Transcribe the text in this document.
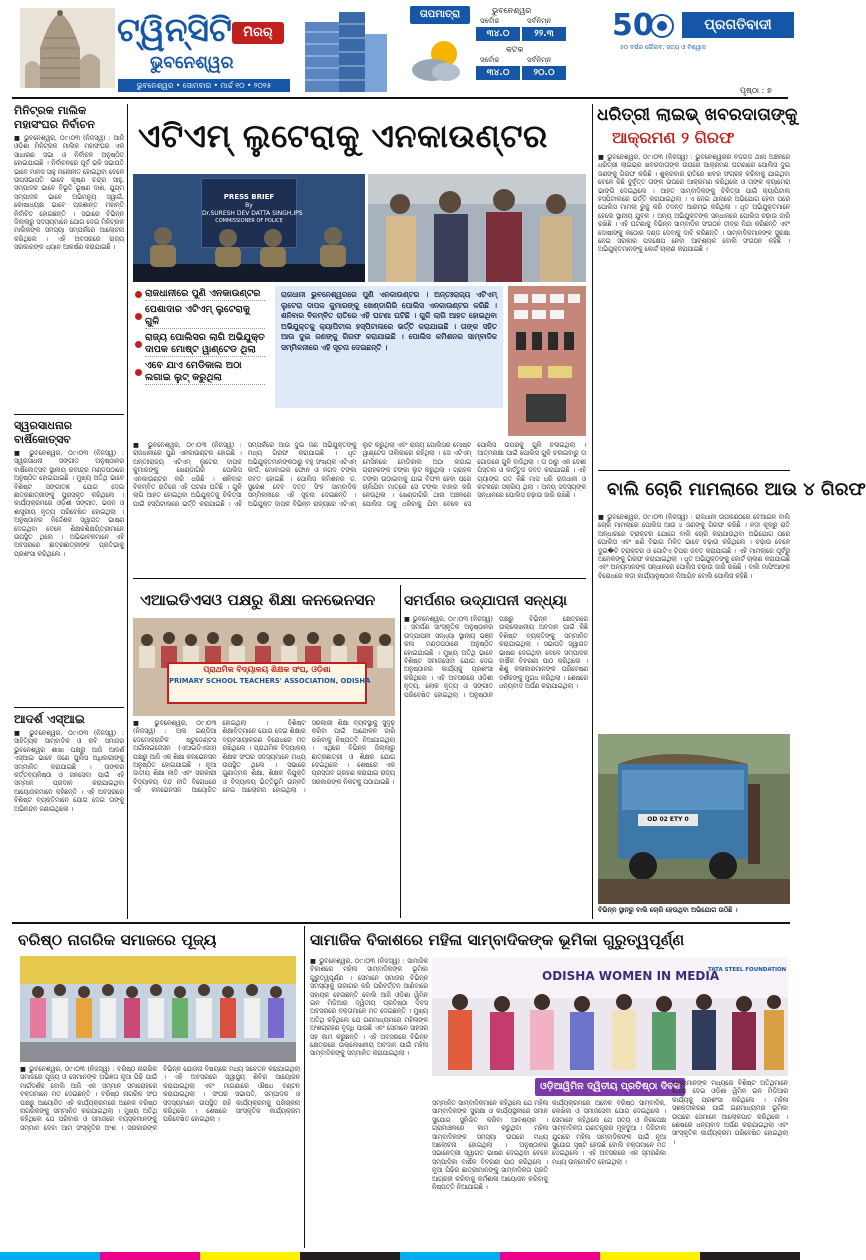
ଟ୍ୱିନ୍‌ସିଟି ମିରର୍‌
ଭୁବନେଶ୍ୱର
ଭୁବନେଶ୍ୱର • ସୋମବାର • ମାର୍ଚ୍ଚ ୧୦ • ୨୦୨୫
ତାପମାତ୍ରା	ଭୁବନେଶ୍ୱର
ସର୍ବୋଚ୍ଚ	ସର୍ବନିମ୍ନ
୩୪.୦	୨୨.୩
କଟକ
ସର୍ବୋଚ୍ଚ	ସର୍ବନିମ୍ନ
୩୪.୦	୨୦.୦
50	ପ୍ରଗତିବାଦୀ
୫୦ ବର୍ଷର ଗୌରବ, ସତ୍ୟ ଓ ବିଶ୍ୱାସ
ପୃଷ୍ଠା : ୭
ମିନିଟ୍ରକ ମାଲିକ ମହାସଂଘର ନିର୍ବାଚନ
■ ଭୁବନେଶ୍ୱର, ୦୯।୦୩ (ନିଜସ୍ୱ) : ଆଜି ଓଡ଼ିଶା ମିନିଟ୍ରକ ମାଲିକ ମହାସଂଘର ଏକ ସାଧାରଣ ସଭା ଓ ନିର୍ବାଚନ ଅନୁଷ୍ଠିତ ହୋଇଯାଇଛି । ନିର୍ବାଚନରେ ପୂର୍ବ ଭଳି ସଭାପତି ଭାବେ ମାନସ ସାହୁ ମନୋନୀତ ହୋଇଥିବା ବେଳେ ଉପସଭାପତି ଭାବେ କୃଷ୍ଣ ଚନ୍ଦ୍ର ସାହୁ, ସମ୍ପାଦକ ଭାବେ ବିଭୂତି ଭୂଷଣ ଦାଶ, ଯୁଗ୍ମ ସମ୍ପାଦକ ଭାବେ ଅଭିମନ୍ୟୁ ସ୍ୱାଇଁ, କୋଷାଧ୍ୟକ୍ଷ ଭାବେ ପ୍ରଶାନ୍ତ ମହାନ୍ତି ନିର୍ବାଚିତ ହୋଇଛନ୍ତି । ସଭାରେ ବିଭିନ୍ନ ଜିଲ୍ଲାରୁ ସଦସ୍ୟମାନେ ଯୋଗ ଦେଇ ମିନିଟ୍ରକ ମାଲିକଙ୍କ ସମସ୍ୟା ସମ୍ପର୍କରେ ଆଲୋଚନା କରିଥିଲେ । ଏହି ଅବସରରେ ରାଜ୍ୟ ସରକାରଙ୍କ ଧ୍ୟାନ ଆକର୍ଷଣ କରାଯାଇଛି ।
ସ୍ୱରସାଧନାର ବାର୍ଷିକୋତ୍ସବ
■ ଭୁବନେଶ୍ୱର, ୦୯।୦୩ (ନିଜସ୍ୱ) : ସ୍ୱରସାଧନା ସଙ୍ଗୀତ ଅନୁଷ୍ଠାନର ବାର୍ଷିକୋତ୍ସବ ସ୍ଥାନୀୟ ରବୀନ୍ଦ୍ର ମଣ୍ଡପଠାରେ ଅନୁଷ୍ଠିତ ହୋଇଯାଇଛି । ମୁଖ୍ୟ ଅତିଥି ଭାବେ ବିଶିଷ୍ଟ ସଙ୍ଗୀତଜ୍ଞ ଯୋଗ ଦେଇ ଛାତ୍ରଛାତ୍ରୀଙ୍କୁ ପୁରସ୍କୃତ କରିଥିଲେ । କାର୍ଯ୍ୟକ୍ରମରେ ଓଡ଼ିଶୀ ସଙ୍ଗୀତ, ଭଜନ ଓ ଶାସ୍ତ୍ରୀୟ ନୃତ୍ୟ ପରିବେଷିତ ହୋଇଥିଲା । ଅନୁଷ୍ଠାନର ନିର୍ଦ୍ଦେଶକ ସ୍ୱାଗତ ଭାଷଣ ଦେଇଥିବା ବେଳେ ଶିକ୍ଷକଶିକ୍ଷୟିତ୍ରୀମାନେ ଉପସ୍ଥିତ ଥିଲେ । ଅଭିଭାବକମାନେ ଏହି ଅବସରରେ ଛାତ୍ରଛାତ୍ରୀଙ୍କ ପ୍ରତିଭାକୁ ପ୍ରଶଂସା କରିଥିଲେ ।
ଆଦର୍ଶ ଏସ୍‌ଆଇ
■ ଭୁବନେଶ୍ୱର, ୦୯।୦୩ (ନିଜସ୍ୱ) : ସାହିତ୍ୟିକ ସାମ୍ବାଦିକ ଓ କବି ସମାଜର ଭୁବନେଶ୍ୱର ଶାଖା ପକ୍ଷରୁ ଆଜି ଆଦର୍ଶ ଏସ୍‌ଆଇ ଭାବେ ଜଣେ ପୁଲିସ ଅଧିକାରୀଙ୍କୁ ସମ୍ମାନିତ କରାଯାଇଛି । ତାଙ୍କର କର୍ତ୍ତବ୍ୟନିଷ୍ଠା ଓ ଜନସେବା ପାଇଁ ଏହି ସମ୍ମାନ ପ୍ରଦାନ କରାଯାଇଥିବା ଆୟୋଜକମାନେ କହିଛନ୍ତି । ଏହି ଅବସରରେ ବିଶିଷ୍ଟ ବ୍ୟକ୍ତିମାନେ ଯୋଗ ଦେଇ ତାଙ୍କୁ ଅଭିନନ୍ଦନ ଜଣାଇଥିଲେ ।
ଏଟିଏମ୍‌ ଲୁଟେରାକୁ ଏନକାଉଣ୍ଟର
PRESS BRIEF
By
Dr.SURESH DEV DATTA SINGH,IPS
COMMISSIONER OF POLICE
ରାଜଧାନୀରେ ପୁଣି ଏନକାଉଣ୍ଟର
ପେଶାଦାର ଏଟିଏମ୍‌ ଲୁଟେରାକୁ ଗୁଳି
ରାଜ୍ୟ ପୋଲିସର ଲାଗି ଅଭିଯୁକ୍ତ ଦାପକ ମୋଷ୍ଟ ୱାଣ୍ଟେଡ ଥିଲା
ଏବେ ଯାଏ ମେଡିକାଲ ଅଠା ଲଗାଇ ଲୁଟ୍‌ କରୁଥିଲା
ରାଜଧାନୀ ଭୁବନେଶ୍ୱରରେ ପୁଣି ଏନକାଉଣ୍ଟର । ଅନ୍ତଃରାଜ୍ୟ ଏଟିଏମ୍‌ ଲୁଟେରା ଦାପକ କୁମାରଙ୍କୁ ଖେଣ୍ଡାଗିରି ପୋଲିସ ଏନକାଉଣ୍ଟର କରିଛି । ଶନିବାର ବିଳମ୍ବିତ ରାତିରେ ଏହି ଘଟଣା ଘଟିଛି । ଗୁଳି ଲାଗି ଆହତ ହୋଇଥିବା ଅଭିଯୁକ୍ତକୁ କ୍ୟାପିଟାଲ ହସ୍ପିଟାଲରେ ଭର୍ତ୍ତି କରାଯାଇଛି । ତାଙ୍କ ସହିତ ଆଉ ଦୁଇ ଜଣଙ୍କୁ ଗିରଫ କରାଯାଇଛି । ପୋଲିସ କମିଶନର ସାମ୍ବାଦିକ ସମ୍ମିଳନୀରେ ଏହି ସୂଚନା ଦେଇଛନ୍ତି ।
■ ଭୁବନେଶ୍ୱର, ୦୯।୦୩ (ନିଜସ୍ୱ) : ରାଜଧାନୀରେ ପୁଣି ଏନକାଉଣ୍ଟର ହୋଇଛି । ଅନ୍ତଃରାଜ୍ୟ ଏଟିଏମ୍‌ ଲୁଟେରା ଦାପକ କୁମାରଙ୍କୁ ଖେଣ୍ଡାଗିରି ପୋଲିସ ଏନକାଉଣ୍ଟର କରି ଧରିଛି । ଶନିବାର ବିଳମ୍ବିତ ରାତିରେ ଏହି ଘଟଣା ଘଟିଛି । ଗୁଳି ଲାଗି ଆହତ ହୋଇଥିବା ଅଭିଯୁକ୍ତକୁ ଚିକିତ୍ସା ପାଇଁ ହସ୍ପିଟାଲରେ ଭର୍ତ୍ତି କରାଯାଇଛି । ଏହି ସମ୍ପର୍କରେ ଆଉ ଦୁଇ ଜଣ ଅଭିଯୁକ୍ତଙ୍କୁ ମଧ୍ୟ ଗିରଫ କରାଯାଇଛି । ଧୃତ ଅଭିଯୁକ୍ତମାନଙ୍କଠାରୁ ବହୁ ସଂଖ୍ୟକ ଏଟିଏମ୍‌ କାର୍ଡ, ମୋବାଇଲ ଫୋନ ଓ ନଗଦ ଟଙ୍କା ଜବତ ହୋଇଛି । ପୋଲିସ କମିଶନର ଡ. ସୁରେଶ ଦେବ ଦତ୍ତ ସିଂହ ସାମ୍ବାଦିକ ସମ୍ମିଳନୀରେ ଏହି ସୂଚନା ଦେଇଛନ୍ତି । ଅଭିଯୁକ୍ତ ଦାପକ ବିଭିନ୍ନ ରାଜ୍ୟରେ ଏଟିଏମ୍‌ ଲୁଟ କରୁଥିଲା ଏବଂ ରାଜ୍ୟ ପୋଲିସର ମୋଷ୍ଟ ୱାଣ୍ଟେଡ ତାଲିକାରେ ରହିଥିଲା । ସେ ଏଟିଏମ୍‌ ମେସିନରେ ମେଡିକାଲ ଅଠା ଲଗାଇ ଗ୍ରାହକଙ୍କ ଟଙ୍କା ଲୁଟ କରୁଥିଲା । ଗ୍ରାହକ ଟଙ୍କା ଉଠାଇବାକୁ ଯାଇ ବିଫଳ ହେବା ପରେ ଚାଲିଯିବା ମାତ୍ରେ ସେ ଟଙ୍କା ବାହାର କରି ନେଉଥିଲା । ଖେଣ୍ଡାଗିରି ଥାନା ଅଞ୍ଚଳରେ ପୋଲିସ ତାକୁ ଧରିବାକୁ ଯିବା ବେଳେ ସେ ପୋଲିସ ଉପରକୁ ଗୁଳି ଚଳାଇଥିଲା । ଆତ୍ମରକ୍ଷା ପାଇଁ ପୋଲିସ ଗୁଳି ଚଳାଇବାରୁ ତା ଗୋଡ଼ରେ ଗୁଳି ବାଜିଥିଲା । ତା ଠାରୁ ଏକ ଦେଶୀ ପିସ୍ତଲ ଓ କାର୍ତ୍ତୁଜ ଜବତ କରାଯାଇଛି । ଏହି ଗ୍ୟାଙ୍ଗ ଗତ କିଛି ମାସ ଧରି ରାଜଧାନୀ ଓ କଟକରେ ସକ୍ରିୟ ଥିଲା । ଅନ୍ୟ ସଦସ୍ୟଙ୍କ ସନ୍ଧାନରେ ପୋଲିସ ଚଢ଼ାଉ ଜାରି ରଖିଛି ।
ଧରିତ୍ରୀ ଲାଇଭ୍‌ ଖବରଦାତାଙ୍କୁ
ଆକ୍ରମଣ ୨ ଗିରଫ
■ ଭୁବନେଶ୍ୱର, ୦୯।୦୩ (ନିଜସ୍ୱ) : ଭୁବନେଶ୍ୱରର ବଡ଼ଗଡ଼ ଥାନା ଅଞ୍ଚଳରେ ଧରିତ୍ରୀ ଲାଇଭ୍‌ର ଖବରଦାତାଙ୍କ ଉପରେ ଆକ୍ରମଣ ଘଟଣାରେ ପୋଲିସ ଦୁଇ ଜଣଙ୍କୁ ଗିରଫ କରିଛି । ଶୁକ୍ରବାର ରାତିରେ ଖବର ସଂଗ୍ରହ କରିବାକୁ ଯାଇଥିବା ବେଳେ କିଛି ଦୁର୍ବୃତ୍ତ ତାଙ୍କ ଉପରେ ଆକ୍ରମଣ କରିଥିଲେ ଓ ତାଙ୍କ କ୍ୟାମେରା ଭାଙ୍ଗି ଦେଇଥିଲେ । ଆହତ ସାମ୍ବାଦିକଙ୍କୁ ଚିକିତ୍ସା ପାଇଁ କ୍ୟାପିଟାଲ ହସ୍ପିଟାଲରେ ଭର୍ତ୍ତି କରାଯାଇଥିଲା । ଏ ନେଇ ଥାନାରେ ଅଭିଯୋଗ ହେବା ପରେ ପୋଲିସ ମାମଲା ରୁଜୁ କରି ତଦନ୍ତ ଆରମ୍ଭ କରିଥିଲା । ଧୃତ ଅଭିଯୁକ୍ତମାନେ ହେଲେ ସ୍ଥାନୀୟ ଯୁବକ । ଅନ୍ୟ ଅଭିଯୁକ୍ତଙ୍କ ସନ୍ଧାନରେ ପୋଲିସ ଚଢ଼ାଉ ଜାରି ରଖିଛି । ଏହି ଘଟଣାକୁ ବିଭିନ୍ନ ସାମ୍ବାଦିକ ସଂଗଠନ ତୀବ୍ର ନିନ୍ଦା କରିଛନ୍ତି ଏବଂ ଦୋଷୀଙ୍କୁ କଠୋର ଦଣ୍ଡ ଦେବାକୁ ଦାବି କରିଛନ୍ତି । ସାମ୍ବାଦିକମାନଙ୍କ ସୁରକ୍ଷା ନେଇ ସରକାର ପଦକ୍ଷେପ ନେବା ଆବଶ୍ୟକ ବୋଲି ସଂଗଠନ କହିଛି । ଅଭିଯୁକ୍ତମାନଙ୍କୁ କୋର୍ଟ ଚାଲାଣ କରାଯାଇଛି ।
ବାଲି ଚୋରି ମାମଲାରେ ଆଉ ୪ ଗିରଫ
■ ଭୁବନେଶ୍ୱର, ୦୯।୦୩ (ନିଜସ୍ୱ) : ରାଜଧାନୀ ଉପକଣ୍ଠରେ ବେଆଇନ ବାଲି ଚୋରି ମାମଲାରେ ପୋଲିସ ଆଉ ୪ ଜଣଙ୍କୁ ଗିରଫ କରିଛି । ନଦୀ କୂଳରୁ ରାତି ଅନ୍ଧାରରେ ଟ୍ରାକ୍ଟର ଯୋଗେ ବାଲି ଚୋରି କରାଯାଉଥିବା ଅଭିଯୋଗ ପରେ ପୋଲିସ ଏବଂ ଖଣି ବିଭାଗ ମିଳିତ ଭାବେ ଚଢ଼ାଉ କରିଥିଲେ । ଚଢ଼ାଉ ବେଳେ ଦୁଇ�ଟି ଟ୍ରାକ୍ଟର ଓ ଗୋଟିଏ ଟିପର ଜବତ କରାଯାଇଛି । ଏହି ମାମଲାରେ ପୂର୍ବରୁ ଅନେକଙ୍କୁ ଗିରଫ କରାଯାଇଥିଲା । ଧୃତ ଅଭିଯୁକ୍ତଙ୍କୁ କୋର୍ଟ ଚାଲାଣ କରାଯାଇଛି ଏବଂ ଅନ୍ୟମାନଙ୍କ ସନ୍ଧାନରେ ପୋଲିସ ଚଢ଼ାଉ ଜାରି ରଖିଛି । ବାଲି ମାଫିଆଙ୍କ ବିରୋଧରେ କଡ଼ା କାର୍ଯ୍ୟାନୁଷ୍ଠାନ ନିଆଯିବ ବୋଲି ପୋଲିସ କହିଛି ।
OD 02 ETY 0
ବିଭିନ୍ନ ସ୍ଥାନରୁ ବାଲି ଚୋରି ହେଉଥିବା ଅଭିଯୋଗ ଉଠିଛି ।
ଏଆଇଡିଏସଓ ପକ୍ଷରୁ ଶିକ୍ଷା କନଭେନସନ
ପ୍ରାଥମିକ ବିଦ୍ୟାଳୟ ଶିକ୍ଷକ ସଂଘ, ଓଡ଼ିଶା
PRIMARY SCHOOL TEACHERS' ASSOCIATION, ODISHA
■ ଭୁବନେଶ୍ୱର, ୦୯।୦୩ (ନିଜସ୍ୱ) : ଅଲ ଇଣ୍ଡିଆ ଡେମୋକ୍ରାଟିକ ଷ୍ଟୁଡେଣ୍ଟସ ଅର୍ଗାନାଇଜେସନ (ଏଆଇଡିଏସଓ) ପକ୍ଷରୁ ଆଜି ଏକ ଶିକ୍ଷା କନଭେନସନ ଅନୁଷ୍ଠିତ ହୋଇଯାଇଛି । ନୂଆ ଜାତୀୟ ଶିକ୍ଷା ନୀତି ଏବଂ ସରକାରୀ ବିଦ୍ୟାଳୟ ବନ୍ଦ ନୀତି ବିରୋଧରେ ଏହି କନଭେନସନ ଆୟୋଜିତ ହୋଇଥିଲା । ବିଶିଷ୍ଟ ଶିକ୍ଷାବିତ୍‌ମାନେ ଯୋଗ ଦେଇ ଶିକ୍ଷାର ବ୍ୟବସାୟୀକରଣ ବିରୋଧରେ ମତ ରଖିଥିଲେ । ପ୍ରାଥମିକ ବିଦ୍ୟାଳୟ ଶିକ୍ଷକ ସଂଘର ସଦସ୍ୟମାନେ ମଧ୍ୟ ଉପସ୍ଥିତ ଥିଲେ । ସଭାରେ ଗୁଣାତ୍ମକ ଶିକ୍ଷା, ଶିକ୍ଷକ ନିଯୁକ୍ତି ଓ ବିଦ୍ୟାଳୟ ଭିତ୍ତିଭୂମି ଉନ୍ନତି ନେଇ ଆଲୋଚନା ହୋଇଥିଲା । ସରକାରୀ ଶିକ୍ଷା ବ୍ୟବସ୍ଥାକୁ ସୁଦୃଢ଼ କରିବା ପାଇଁ ଆନ୍ଦୋଳନ ଜାରି ରଖିବାକୁ ନିଷ୍ପତ୍ତି ନିଆଯାଇଥିଲା । ଏଥିରେ ବିଭିନ୍ନ ଜିଲ୍ଲାରୁ ଛାତ୍ରଛାତ୍ରୀ ଓ ଶିକ୍ଷକ ଯୋଗ ଦେଇଥିଲେ । ଶେଷରେ ଏକ ପ୍ରସ୍ତାବ ଗ୍ରହଣ କରାଯାଇ ରାଜ୍ୟ ସରକାରଙ୍କ ନିକଟକୁ ପଠାଯାଇଛି ।
ସମର୍ପଣର ଉଦ୍‌ଯାପନୀ ସନ୍ଧ୍ୟା
■ ଭୁବନେଶ୍ୱର, ୦୯।୦୩ (ନିଜସ୍ୱ) : ସମର୍ପଣ ସାଂସ୍କୃତିକ ଅନୁଷ୍ଠାନର ଉଦ୍‌ଯାପନୀ ସନ୍ଧ୍ୟା ସ୍ଥାନୀୟ ଭଞ୍ଜ କଳା ମଣ୍ଡପଠାରେ ଅନୁଷ୍ଠିତ ହୋଇଯାଇଛି । ମୁଖ୍ୟ ଅତିଥି ଭାବେ ବିଶିଷ୍ଟ ସମାଜସେବୀ ଯୋଗ ଦେଇ ଅନୁଷ୍ଠାନର କାର୍ଯ୍ୟକୁ ପ୍ରଶଂସା କରିଥିଲେ । ଏହି ଅବସରରେ ଓଡ଼ିଶୀ ନୃତ୍ୟ, ଲୋକ ନୃତ୍ୟ ଓ ସଙ୍ଗୀତ ପରିବେଷିତ ହୋଇଥିଲା । ଅନୁଷ୍ଠାନ ପକ୍ଷରୁ ବିଭିନ୍ନ କ୍ଷେତ୍ରରେ ଉଲ୍ଲେଖନୀୟ ଅବଦାନ ପାଇଁ କିଛି ବିଶିଷ୍ଟ ବ୍ୟକ୍ତିଙ୍କୁ ସମ୍ମାନିତ କରାଯାଇଥିଲା । ସଭାପତି ସ୍ୱାଗତ ଭାଷଣ ଦେଇଥିବା ବେଳେ ସମ୍ପାଦକ ବାର୍ଷିକ ବିବରଣୀ ପାଠ କରିଥିଲେ । ଶିଶୁ କଳାକାରମାନଙ୍କ ପରିବେଷଣ ଦର୍ଶକଙ୍କୁ ମୁଗ୍ଧ କରିଥିଲା । ଶେଷରେ ଧନ୍ୟବାଦ ଅର୍ପଣ କରାଯାଇଥିଲା ।
ବରିଷ୍ଠ ନାଗରିକ ସମାଜରେ ପୂଜ୍ୟ
■ ଭୁବନେଶ୍ୱର, ୦୯।୦୩ (ନିଜସ୍ୱ) : ବରିଷ୍ଠ ନାଗରିକ ସମାଜରେ ପୂଜ୍ୟ ଓ ସେମାନଙ୍କ ଅଭିଜ୍ଞତା ନୂଆ ପିଢ଼ି ପାଇଁ ମାର୍ଗଦର୍ଶକ ବୋଲି ଆଜି ଏକ ସମ୍ମାନ ସମାରୋହରେ ବକ୍ତାମାନେ ମତ ଦେଇଛନ୍ତି । ବରିଷ୍ଠ ନାଗରିକ ସଂଘ ପକ୍ଷରୁ ଆୟୋଜିତ ଏହି କାର୍ଯ୍ୟକ୍ରମରେ ଅନେକ ବରିଷ୍ଠ ନାଗରିକଙ୍କୁ ସମ୍ମାନିତ କରାଯାଇଥିଲା । ମୁଖ୍ୟ ଅତିଥି କହିଥିଲେ ଯେ ପରିବାର ଓ ସମାଜରେ ବୟସ୍କମାନଙ୍କୁ ସମ୍ମାନ ଦେବା ଆମ ସଂସ୍କୃତିର ଅଂଶ । ସରକାରଙ୍କ ବିଭିନ୍ନ ଯୋଜନା ବିଷୟରେ ମଧ୍ୟ ସଚେତନ କରାଯାଇଥିଲା । ଏହି ଅବସରରେ ସ୍ୱାସ୍ଥ୍ୟ ଶିବିର ଆୟୋଜନ କରାଯାଇଥିଲା ଏବଂ ମାଗଣାରେ ଔଷଧ ବଣ୍ଟନ କରାଯାଇଥିଲା । ସଂଘର ସଭାପତି, ସମ୍ପାଦକ ଓ ସଦସ୍ୟମାନେ ଉପସ୍ଥିତ ରହି କାର୍ଯ୍ୟକ୍ରମକୁ ପରିଚାଳନା କରିଥିଲେ । ଶେଷରେ ସାଂସ୍କୃତିକ କାର୍ଯ୍ୟକ୍ରମ ପରିବେଷିତ ହୋଇଥିଲା ।
ସାମାଜିକ ବିକାଶରେ ମହିଳା ସାମ୍ବାଦିକଙ୍କ ଭୂମିକା ଗୁରୁତ୍ୱପୂର୍ଣ୍ଣ
■ ଭୁବନେଶ୍ୱର, ୦୯।୦୩ (ନିଜସ୍ୱ) : ସାମାଜିକ ବିକାଶରେ ମହିଳା ସାମ୍ବାଦିକଙ୍କ ଭୂମିକା ଗୁରୁତ୍ୱପୂର୍ଣ୍ଣ । ସେମାନେ ସମାଜର ବିଭିନ୍ନ ସମସ୍ୟାକୁ ଉଜାଗର କରି ପରିବର୍ତ୍ତନ ଆଣିବାରେ ସହାୟକ ହେଉଛନ୍ତି ବୋଲି ଆଜି ଓଡ଼ିଶା ୱିମିନ ଇନ ମିଡିଆର ଦ୍ୱିତୀୟ ପ୍ରତିଷ୍ଠା ଦିବସ ଅବସରରେ ବକ୍ତାମାନେ ମତ ଦେଇଛନ୍ତି । ମୁଖ୍ୟ ଅତିଥି କହିଥିଲେ ଯେ ଗଣମାଧ୍ୟମରେ ମହିଳାଙ୍କ ଅଂଶଗ୍ରହଣ ବୃଦ୍ଧି ପାଉଛି ଏବଂ ସେମାନେ ସାହସର ସହ କାମ କରୁଛନ୍ତି । ଏହି ଅବସରରେ ବିଭିନ୍ନ କ୍ଷେତ୍ରରେ ଉଲ୍ଲେଖନୀୟ ଅବଦାନ ପାଇଁ ମହିଳା ସାମ୍ବାଦିକଙ୍କୁ ସମ୍ମାନିତ କରାଯାଇଥିଲା ।
ODISHA WOMEN IN MEDIA
TATA STEEL FOUNDATION
ଓଡ଼ିଆୱିମିନ ଦ୍ୱିତୀୟ ପ୍ରତିଷ୍ଠା ଦିବସ
ସମ୍ମାନିତ ସାମ୍ବାଦିକମାନେ କହିଥିଲେ ଯେ ମହିଳା ସାମ୍ବାଦିକଙ୍କ ସୁରକ୍ଷା ଓ କାର୍ଯ୍ୟସ୍ଥଳୀରେ ସମାନ ସୁଯୋଗ ସୁନିଶ୍ଚିତ କରିବା ଆବଶ୍ୟକ । ଗ୍ରାମାଞ୍ଚଳରେ କାମ କରୁଥିବା ମହିଳା ସାମ୍ବାଦିକଙ୍କ ସମସ୍ୟା ଉପରେ ମଧ୍ୟ ଆଲୋଚନା ହୋଇଥିଲା । ଅନୁଷ୍ଠାନର ସଭାନେତ୍ରୀ ସ୍ୱାଗତ ଭାଷଣ ଦେଇଥିବା ବେଳେ ସମ୍ପାଦିକା ବାର୍ଷିକ ବିବରଣୀ ପାଠ କରିଥିଲେ । ନୂଆ ପିଢ଼ିର ଛାତ୍ରୀମାନଙ୍କୁ ସାମ୍ବାଦିକତା ପ୍ରତି ଆଗ୍ରହୀ କରିବାକୁ କର୍ମଶାଳା ଆୟୋଜନ କରିବାକୁ ନିଷ୍ପତ୍ତି ନିଆଯାଇଛି ।
କାର୍ଯ୍ୟକ୍ରମରେ ଅନେକ ବରିଷ୍ଠ ସାମ୍ବାଦିକ, ଲେଖିକା ଓ ସମାଜସେବୀ ଯୋଗ ଦେଇଥିଲେ । ସେମାନେ କହିଥିଲେ ଯେ ସତ୍ୟ ଓ ନିରପେକ୍ଷ ସାମ୍ବାଦିକତା ଗଣତନ୍ତ୍ରର ମୂଳଦୁଆ । ଡିଜିଟାଲ ଯୁଗରେ ମହିଳା ସାମ୍ବାଦିକଙ୍କ ପାଇଁ ନୂଆ ସୁଯୋଗ ସୃଷ୍ଟି ହେଉଛି ବୋଲି ବକ୍ତାମାନେ ମତ ଦେଇଥିଲେ । ଏହି ଅବସରରେ ଏକ ସ୍ମରଣିକା ମଧ୍ୟ ଉନ୍ମୋଚିତ ହୋଇଥିଲା ।
ଅନ୍ୟମାନଙ୍କ ମଧ୍ୟରେ ବିଶିଷ୍ଟ ଅତିଥିମାନେ ଯୋଗ ଦେଇ ଓଡ଼ିଶା ୱିମିନ ଇନ ମିଡିଆର କାର୍ଯ୍ୟକୁ ପ୍ରଶଂସା କରିଥିଲେ । ମହିଳା ସଶକ୍ତୀକରଣ ପାଇଁ ଗଣମାଧ୍ୟମର ଭୂମିକା ଉପରେ ସେମାନେ ଆଲୋକପାତ କରିଥିଲେ । ଶେଷରେ ଧନ୍ୟବାଦ ଅର୍ପଣ କରାଯାଇଥିଲା ଏବଂ ସାଂସ୍କୃତିକ କାର୍ଯ୍ୟକ୍ରମ ପରିବେଷିତ ହୋଇଥିଲା ।
